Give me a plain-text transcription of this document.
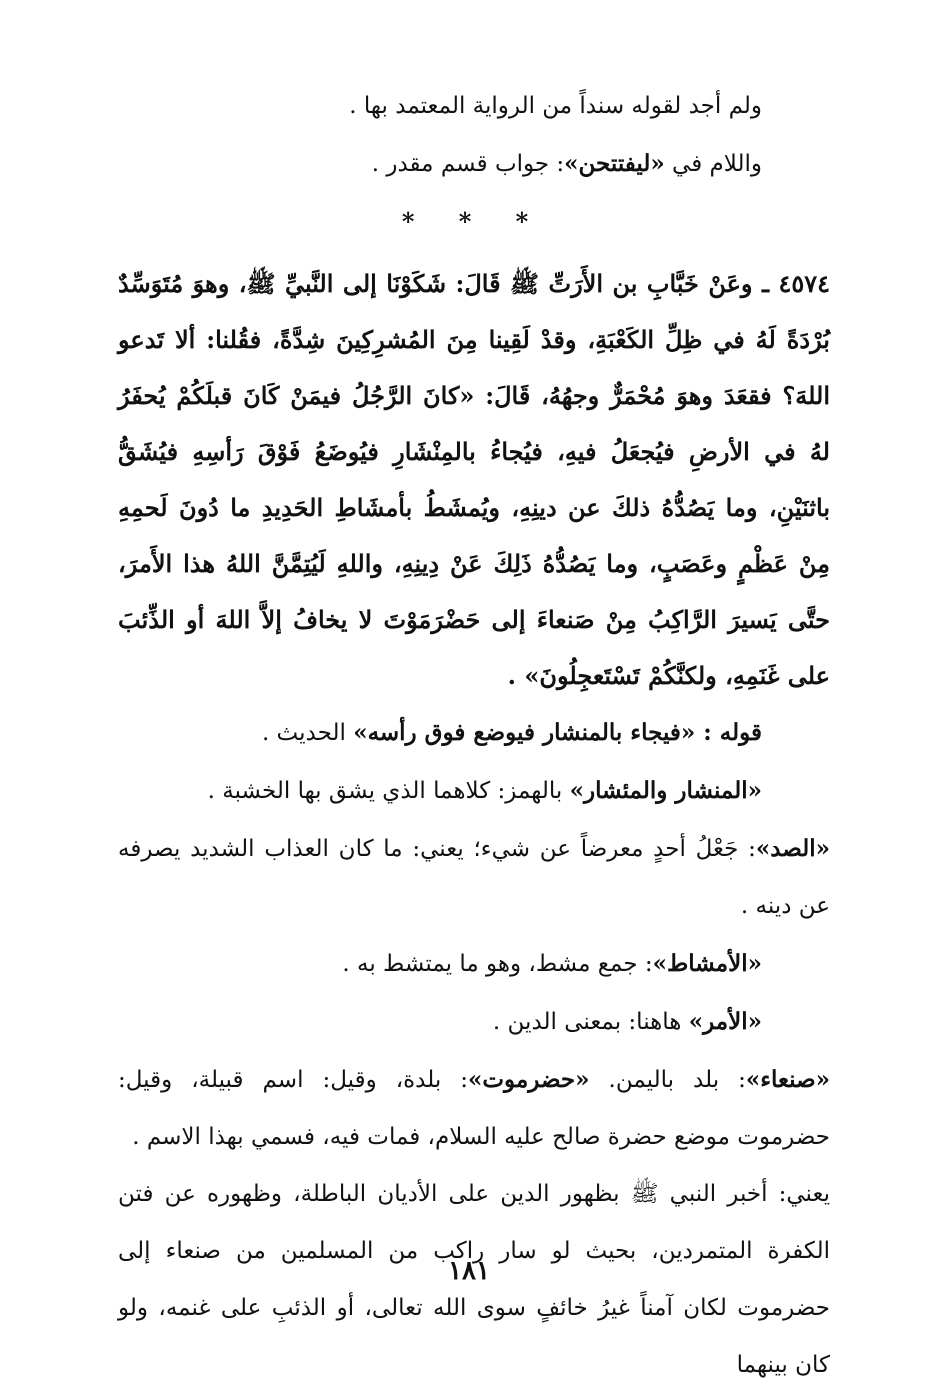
ولم أجد لقوله سنداً من الرواية المعتمد بها .

واللام في «ليفتتحن»: جواب قسم مقدر .

* * *

٤٥٧٤ ـ وعَنْ خَبَّابِ بن الأَرَتِّ ﷺ قَالَ: شَكَوْنَا إلى النَّبيِّ ﷺ، وهوَ مُتَوَسِّدٌ بُرْدَةً لَهُ في ظِلِّ الكَعْبَةِ، وقدْ لَقِينا مِنَ المُشرِكِينَ شِدَّةً، فقُلنا: ألا تَدعو اللهَ؟ فقعَدَ وهوَ مُحْمَرٌّ وجهُهُ، قَالَ: «كانَ الرَّجُلُ فيمَنْ كَانَ قبلَكُمْ يُحفَرُ لهُ في الأرضِ فيُجعَلُ فيهِ، فيُجاءُ بالمِنْشَارِ فيُوضَعُ فَوْقَ رَأسِهِ فيُشَقُّ باثنَيْنِ، وما يَصُدُّهُ ذلكَ عن دينِهِ، ويُمشَطُ بأمشَاطِ الحَدِيدِ ما دُونَ لَحمِهِ مِنْ عَظْمٍ وعَصَبٍ، وما يَصُدُّهُ ذَلِكَ عَنْ دِينِهِ، واللهِ لَيُتِمَّنَّ اللهُ هذا الأَمرَ، حتَّى يَسيرَ الرَّاكِبُ مِنْ صَنعاءَ إلى حَضْرَمَوْتَ لا يخافُ إلاَّ اللهَ أو الذِّئبَ على غَنَمِهِ، ولكنَّكُمْ تَسْتَعجِلُونَ» .

قوله : «فيجاء بالمنشار فيوضع فوق رأسه» الحديث .

«المنشار والمئشار» بالهمز: كلاهما الذي يشق بها الخشبة .

«الصد»: جَعْلُ أحدٍ معرضاً عن شيء؛ يعني: ما كان العذاب الشديد يصرفه عن دينه .

«الأمشاط»: جمع مشط، وهو ما يمتشط به .

«الأمر» هاهنا: بمعنى الدين .

«صنعاء»: بلد باليمن. «حضرموت»: بلدة، وقيل: اسم قبيلة، وقيل: حضرموت موضع حضرة صالح عليه السلام، فمات فيه، فسمي بهذا الاسم .

يعني: أخبر النبي ﷺ بظهور الدين على الأديان الباطلة، وظهوره عن فتن الكفرة المتمردين، بحيث لو سار راكب من المسلمين من صنعاء إلى حضرموت لكان آمناً غيرُ خائفٍ سوى الله تعالى، أو الذئبِ على غنمه، ولو كان بينهما

١٨١
